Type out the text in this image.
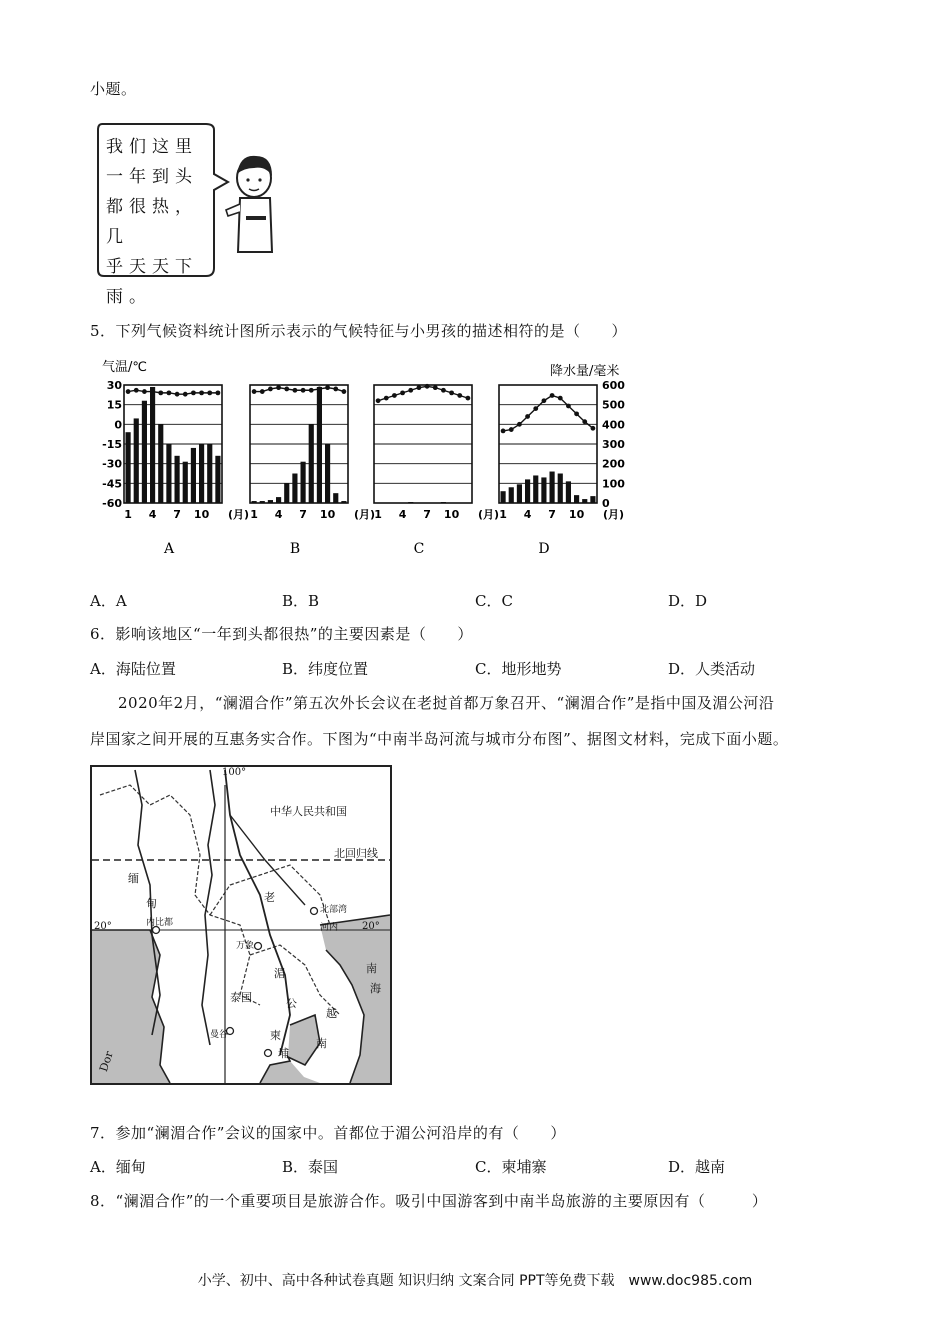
小题。
我们这里
一年到头
都很热，几
乎天天下
雨。
5．下列气候资料统计图所示表示的气候特征与小男孩的描述相符的是（　　）
气温/℃	降水量/毫米
30
15
0
-15
-30
-45
-60
600
500
400
300
200
100
0
1 4 7 10 (月)
A
1 4 7 10 (月)
B
1 4 7 10 (月)
C
1 4 7 10 (月)
D
A．A	B．B	C．C	D．D
6．影响该地区“一年到头都很热”的主要因素是（　　）
A．海陆位置	B．纬度位置	C．地形地势	D．人类活动
2020年2月，“澜湄合作”第五次外长会议在老挝首都万象召开、“澜湄合作”是指中国及湄公河沿
岸国家之间开展的互惠务实合作。下图为“中南半岛河流与城市分布图”、据图文材料，完成下面小题。
100°
中华人民共和国
北回归线
20°	20°
缅
甸
内比都
老
河内
北部湾
万象
湄
公
泰国
曼谷	柬
埔
南
海
越
南
Dor
7．参加“澜湄合作”会议的国家中。首都位于湄公河沿岸的有（　　）
A．缅甸	B．泰国	C．柬埔寨	D．越南
8．“澜湄合作”的一个重要项目是旅游合作。吸引中国游客到中南半岛旅游的主要原因有（　　　）
小学、初中、高中各种试卷真题 知识归纳 文案合同 PPT等免费下载　www.doc985.com
